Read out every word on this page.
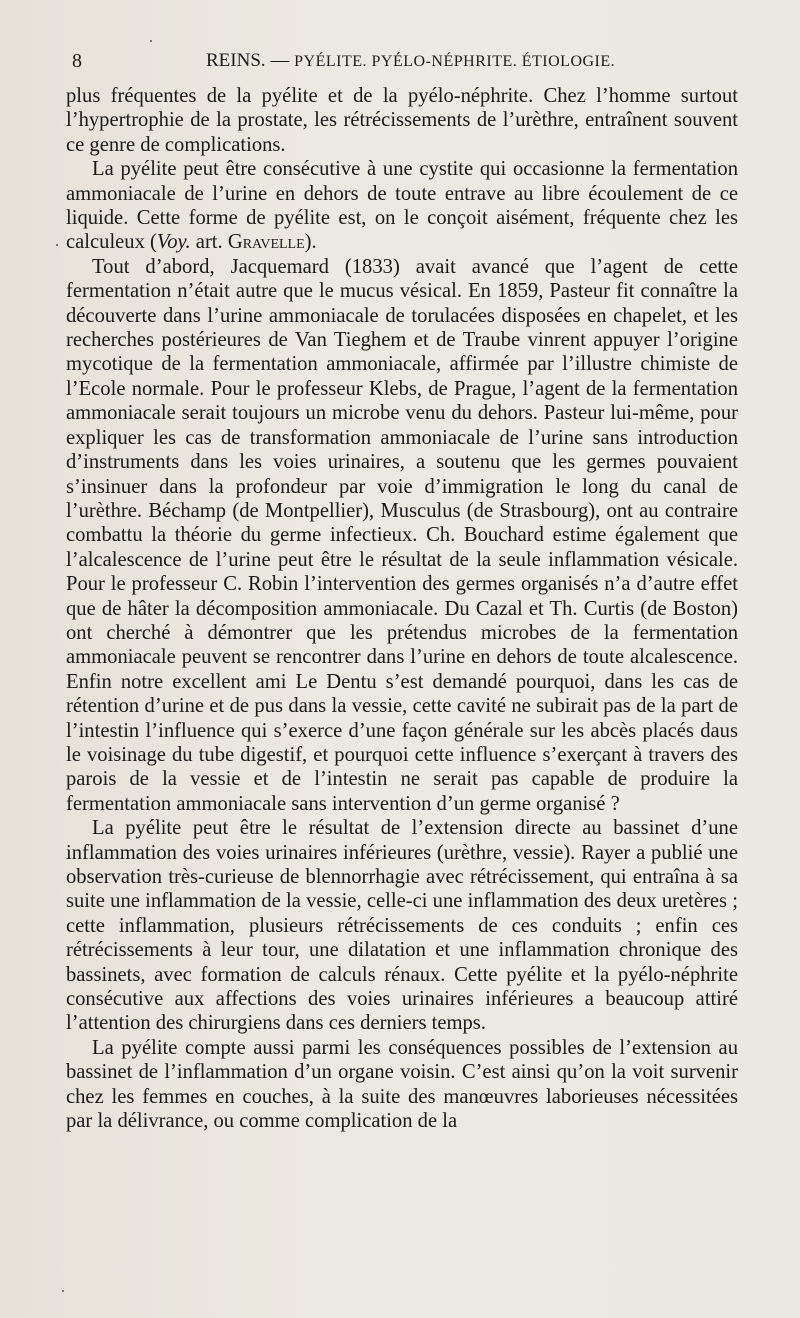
8	REINS. — PYÉLITE. PYÉLO-NÉPHRITE. ÉTIOLOGIE.

plus fréquentes de la pyélite et de la pyélo-néphrite. Chez l’homme surtout l’hypertrophie de la prostate, les rétrécissements de l’urèthre, entraînent souvent ce genre de complications.

La pyélite peut être consécutive à une cystite qui occasionne la fermentation ammoniacale de l’urine en dehors de toute entrave au libre écoulement de ce liquide. Cette forme de pyélite est, on le conçoit aisément, fréquente chez les calculeux (Voy. art. Gravelle).

Tout d’abord, Jacquemard (1833) avait avancé que l’agent de cette fermentation n’était autre que le mucus vésical. En 1859, Pasteur fit connaître la découverte dans l’urine ammoniacale de torulacées disposées en chapelet, et les recherches postérieures de Van Tieghem et de Traube vinrent appuyer l’origine mycotique de la fermentation ammoniacale, affirmée par l’illustre chimiste de l’Ecole normale. Pour le professeur Klebs, de Prague, l’agent de la fermentation ammoniacale serait toujours un microbe venu du dehors. Pasteur lui-même, pour expliquer les cas de transformation ammoniacale de l’urine sans introduction d’instruments dans les voies urinaires, a soutenu que les germes pouvaient s’insinuer dans la profondeur par voie d’immigration le long du canal de l’urèthre. Béchamp (de Montpellier), Musculus (de Strasbourg), ont au contraire combattu la théorie du germe infectieux. Ch. Bouchard estime également que l’alcalescence de l’urine peut être le résultat de la seule inflammation vésicale. Pour le professeur C. Robin l’intervention des germes organisés n’a d’autre effet que de hâter la décomposition ammoniacale. Du Cazal et Th. Curtis (de Boston) ont cherché à démontrer que les prétendus microbes de la fermentation ammoniacale peuvent se rencontrer dans l’urine en dehors de toute alcalescence. Enfin notre excellent ami Le Dentu s’est demandé pourquoi, dans les cas de rétention d’urine et de pus dans la vessie, cette cavité ne subirait pas de la part de l’intestin l’influence qui s’exerce d’une façon générale sur les abcès placés daus le voisinage du tube digestif, et pourquoi cette influence s’exerçant à travers des parois de la vessie et de l’intestin ne serait pas capable de produire la fermentation ammoniacale sans intervention d’un germe organisé ?

La pyélite peut être le résultat de l’extension directe au bassinet d’une inflammation des voies urinaires inférieures (urèthre, vessie). Rayer a publié une observation très-curieuse de blennorrhagie avec rétrécissement, qui entraîna à sa suite une inflammation de la vessie, celle-ci une inflammation des deux uretères ; cette inflammation, plusieurs rétrécissements de ces conduits ; enfin ces rétrécissements à leur tour, une dilatation et une inflammation chronique des bassinets, avec formation de calculs rénaux. Cette pyélite et la pyélo-néphrite consécutive aux affections des voies urinaires inférieures a beaucoup attiré l’attention des chirurgiens dans ces derniers temps.

La pyélite compte aussi parmi les conséquences possibles de l’extension au bassinet de l’inflammation d’un organe voisin. C’est ainsi qu’on la voit survenir chez les femmes en couches, à la suite des manœuvres laborieuses nécessitées par la délivrance, ou comme complication de la
